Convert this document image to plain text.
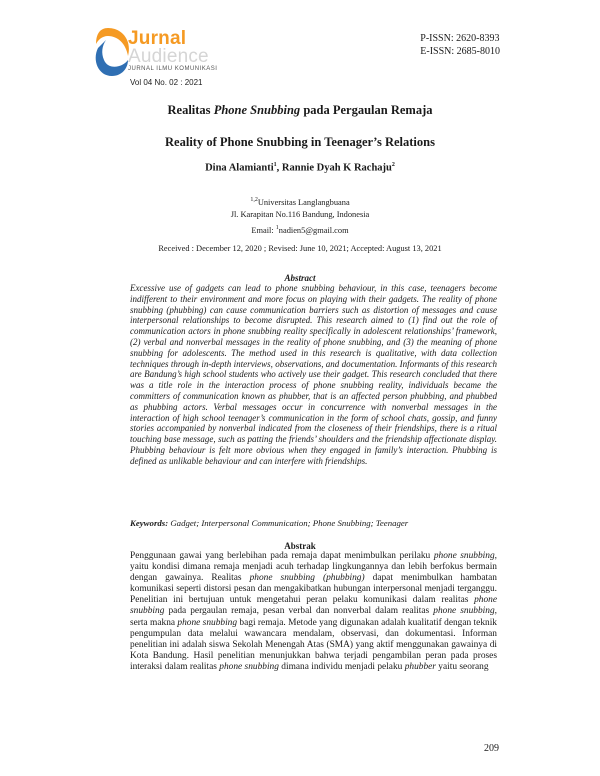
Jurnal
Audience
JURNAL ILMU KOMUNIKASI
Vol 04 No. 02 : 2021
P-ISSN: 2620-8393
E-ISSN: 2685-8010
Realitas Phone Snubbing pada Pergaulan Remaja
Reality of Phone Snubbing in Teenager’s Relations
Dina Alamianti$^1$, Rannie Dyah K Rachaju$^2$
$^{1,2}$Universitas Langlangbuana
Jl. Karapitan No.116 Bandung, Indonesia
Email: $^1$nadien5@gmail.com
Received : December 12, 2020 ; Revised: June 10, 2021; Accepted: August 13, 2021
Abstract
Excessive use of gadgets can lead to phone snubbing behaviour, in this case, teenagers become indifferent to their environment and more focus on playing with their gadgets. The reality of phone snubbing (phubbing) can cause communication barriers such as distortion of messages and cause interpersonal relationships to become disrupted. This research aimed to (1) find out the role of communication actors in phone snubbing reality specifically in adolescent relationships’ framework, (2) verbal and nonverbal messages in the reality of phone snubbing, and (3) the meaning of phone snubbing for adolescents. The method used in this research is qualitative, with data collection techniques through in-depth interviews, observations, and documentation. Informants of this research are Bandung’s high school students who actively use their gadget. This research concluded that there was a title role in the interaction process of phone snubbing reality, individuals became the committers of communication known as phubber, that is an affected person phubbing, and phubbed as phubbing actors. Verbal messages occur in concurrence with nonverbal messages in the interaction of high school teenager’s communication in the form of school chats, gossip, and funny stories accompanied by nonverbal indicated from the closeness of their friendships, there is a ritual touching base message, such as patting the friends’ shoulders and the friendship affectionate display. Phubbing behaviour is felt more obvious when they engaged in family’s interaction. Phubbing is defined as unlikable behaviour and can interfere with friendships.
Keywords: Gadget; Interpersonal Communication; Phone Snubbing; Teenager
Abstrak
Penggunaan gawai yang berlebihan pada remaja dapat menimbulkan perilaku phone snubbing, yaitu kondisi dimana remaja menjadi acuh terhadap lingkungannya dan lebih berfokus bermain dengan gawainya. Realitas phone snubbing (phubbing) dapat menimbulkan hambatan komunikasi seperti distorsi pesan dan mengakibatkan hubungan interpersonal menjadi terganggu. Penelitian ini bertujuan untuk mengetahui peran pelaku komunikasi dalam realitas phone snubbing pada pergaulan remaja, pesan verbal dan nonverbal dalam realitas phone snubbing, serta makna phone snubbing bagi remaja. Metode yang digunakan adalah kualitatif dengan teknik pengumpulan data melalui wawancara mendalam, observasi, dan dokumentasi. Informan penelitian ini adalah siswa Sekolah Menengah Atas (SMA) yang aktif menggunakan gawainya di Kota Bandung. Hasil penelitian menunjukkan bahwa terjadi pengambilan peran pada proses interaksi dalam realitas phone snubbing dimana individu menjadi pelaku phubber yaitu seorang
209
